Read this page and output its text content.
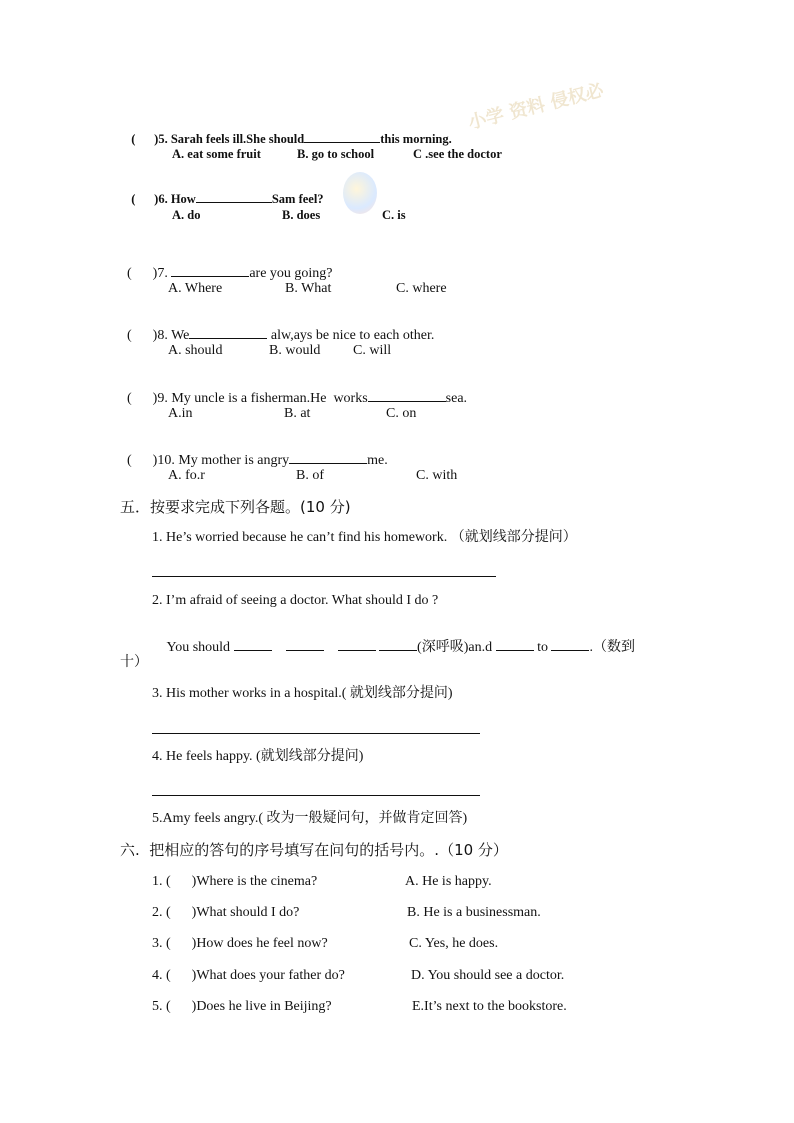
小学 资料 侵权必

(      )5. Sarah feels ill.She should	this morning.

A. eat some fruit	B. go to school	C .see the doctor

(      )6. How	Sam feel?

A. do	B. does	C. is

(      )7.	are you going?

A. Where	B. What	C. where

(      )8. We	alw,ays be nice to each other.

A. should	B. would C. will

(      )9. My uncle is a fisherman.He  works	sea.

A.in	B. at	C. on

(      )10. My mother is angry	me.

A. fo.r	B. of	C. with
五．按要求完成下列各题。(10 分)
1. He’s worried because he can’t find his homework. （就划线部分提问）
2. I’m afraid of seeing a doctor. What should I do ?

You should	(深呼吸)an.d	to	.（数到

十）
3. His mother works in a hospital.( 就划线部分提问)
4. He feels happy. (就划线部分提问)
5.Amy feels angry.( 改为一般疑问句，并做肯定回答)
六.  把相应的答句的序号填写在问句的括号内。.（10 分）
1. (      )Where is the cinema?	A. He is happy.
2. (      )What should I do?	B. He is a businessman.
3. (      )How does he feel now?	C. Yes, he does.
4. (      )What does your father do?	D. You should see a doctor.
5. (      )Does he live in Beijing?	E.It’s next to the bookstore.
